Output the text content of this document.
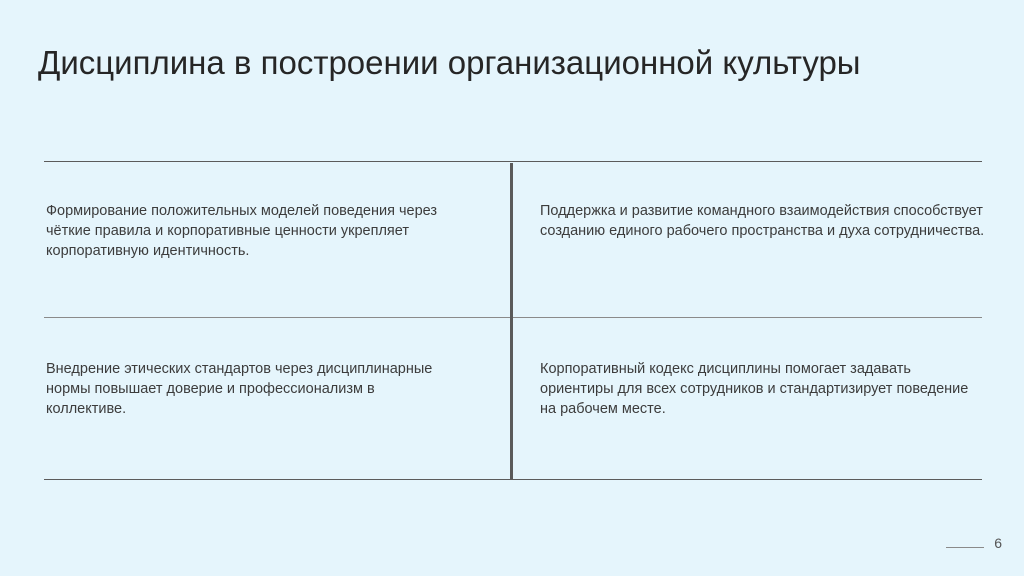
Дисциплина в построении организационной культуры
Формирование положительных моделей поведения через чёткие правила и корпоративные ценности укрепляет корпоративную идентичность.
Поддержка и развитие командного взаимодействия способствует созданию единого рабочего пространства и духа сотрудничества.
Внедрение этических стандартов через дисциплинарные нормы повышает доверие и профессионализм в коллективе.
Корпоративный кодекс дисциплины помогает задавать ориентиры для всех сотрудников и стандартизирует поведение на рабочем месте.
6
